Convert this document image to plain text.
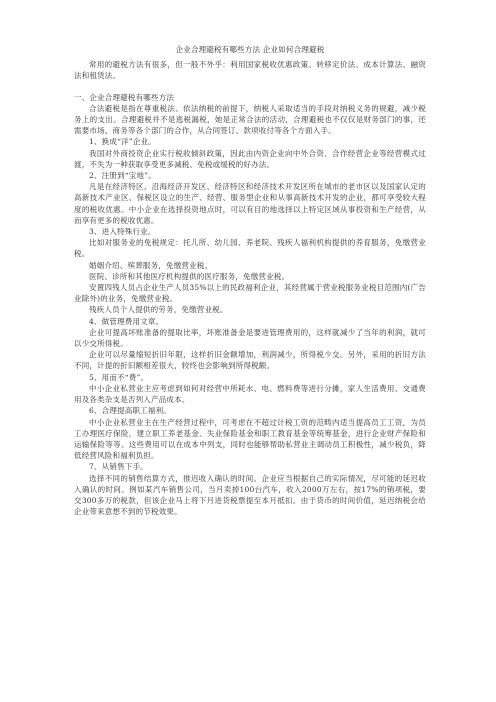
企业合理避税有哪些方法 企业如何合理避税

常用的避税方法有很多，但一般不外乎：利用国家税收优惠政策、转移定价法、成本计算法、融资法和租赁法。

一、企业合理避税有哪些方法

合法避税是指在尊重税法、依法纳税的前提下，纳税人采取适当的手段对纳税义务的规避，减少税务上的支出。合理避税并不是逃税漏税，她是正常合法的活动，合理避税也不仅仅是财务部门的事，还需要市场、商务等各个部门的合作，从合同签订、款项收付等各个方面入手。

1、换成“洋”企业。

我国对外商投资企业实行税收倾斜政策，因此由内资企业向中外合资、合作经营企业等经营模式过渡，不失为一种获取享受更多减税、免税或缓税的好办法。

2、注册到“宝地”。

凡是在经济特区、沿海经济开发区、经济特区和经济技术开发区所在城市的老市区以及国家认定的高新技术产业区、保税区设立的生产、经营、服务型企业和从事高新技术开发的企业，都可享受较大程度的税收优惠。中小企业在选择投资地点时，可以有目的地选择以上特定区域从事投资和生产经营，从而享有更多的税收优惠。

3、进入特殊行业。

比如对服务业的免税规定：托儿所、幼儿园、养老院、残疾人福利机构提供的养育服务，免缴营业税。

婚姻介绍、殡葬服务，免缴营业税。

医院、诊所和其他医疗机构提供的医疗服务，免缴营业税。

安置四残人员占企业生产人员35%以上的民政福利企业，其经营属于营业税服务业税目范围内(广告业除外)的业务，免缴营业税。

残疾人员个人提供的劳务，免缴营业税。

4、做管理费用文章。

企业可提高坏账准备的提取比率，坏账准备金是要进管理费用的，这样就减少了当年的利润，就可以少交所得税。

企业可以尽量缩短折旧年限，这样折旧金额增加，利润减少，所得税少交。另外，采用的折旧方法不同，计提的折旧额相差很大，较终也会影响到所得税额。

5、用而不“费”。

中小企业私营业主应考虑到如何对经营中所耗水、电、燃料费等进行分摊，家人生活费用、交通费用及各类杂支是否列入产品成本。

6、合理提高职工福利。

中小企业私营业主在生产经营过程中，可考虑在不超过计税工资的范畴内适当提高员工工资，为员工办理医疗保险，建立职工养老基金、失业保险基金和职工教育基金等统筹基金，进行企业财产保险和运输保险等等。这些费用可以在成本中列支，同时也能够帮助私营业主调动员工积极性，减少税负，降低经营风险和福利负担。

7、从销售下手。

选择不同的销售结算方式，推迟收入确认的时间。企业应当根据自己的实际情况，尽可能的延迟收入确认的时间。例如某汽车销售公司，当月卖掉100台汽车，收入2000万左右，按17%的销项税，要交300多万的税款，但该企业马上将下月进货税票提至本月抵扣。由于货币的时间价值，延迟纳税会给企业带来意想不到的节税效果。
